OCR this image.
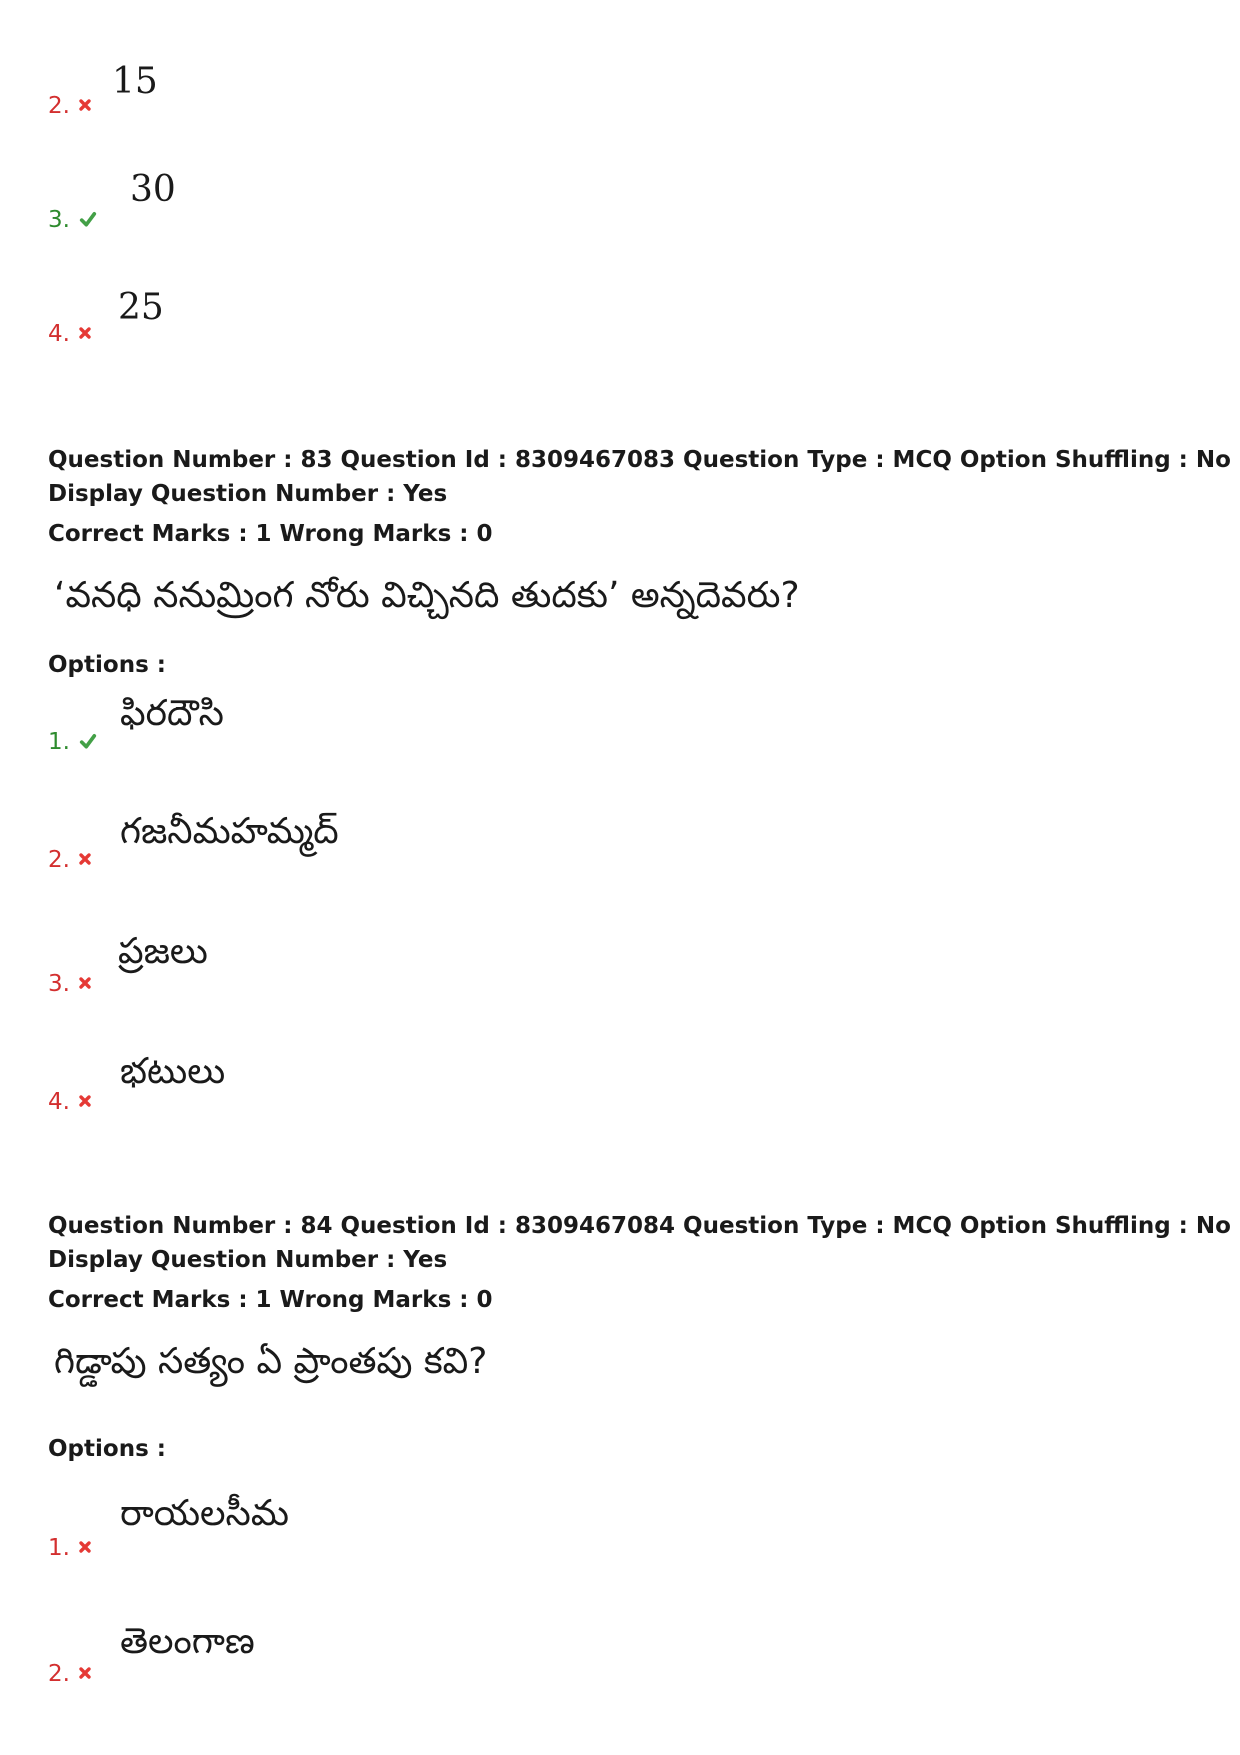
2.
15
3.
30
4.
25
Question Number : 83 Question Id : 8309467083 Question Type : MCQ Option Shuffling : No
Display Question Number : Yes
Correct Marks : 1 Wrong Marks : 0
‘వనధి ననుమ్రింగ నోరు విచ్చినది తుదకు’ అన్నదెవరు?
Options :
1.
ఫిరదౌసి
2.
గజనీమహమ్మద్
3.
ప్రజలు
4.
భటులు
Question Number : 84 Question Id : 8309467084 Question Type : MCQ Option Shuffling : No
Display Question Number : Yes
Correct Marks : 1 Wrong Marks : 0
గిడ్డాపు సత్యం ఏ ప్రాంతపు కవి?
Options :
1.
రాయలసీమ
2.
తెలంగాణ
